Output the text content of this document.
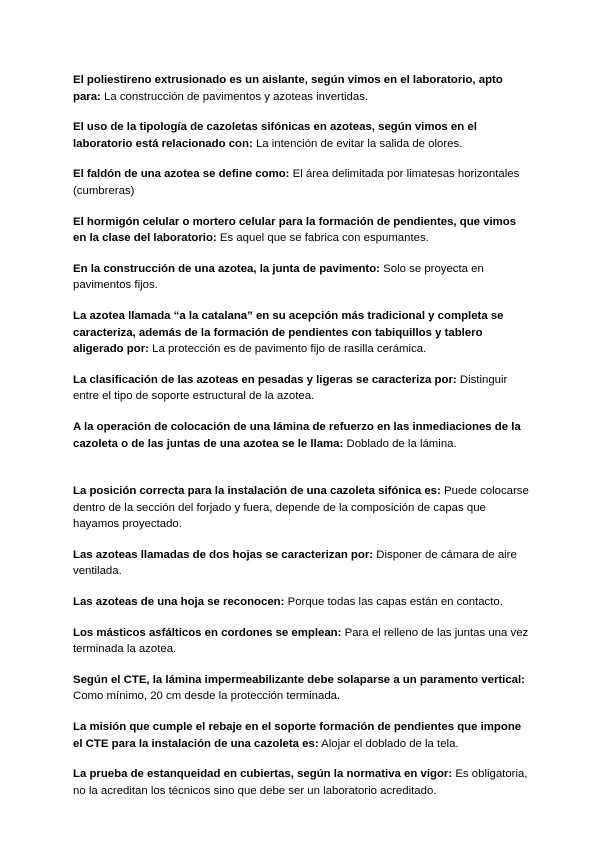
El poliestireno extrusionado es un aislante, según vimos en el laboratorio, apto para: La construcción de pavimentos y azoteas invertidas.

El uso de la tipología de cazoletas sifónicas en azoteas, según vimos en el laboratorio está relacionado con: La intención de evitar la salida de olores.

El faldón de una azotea se define como: El área delimitada por limatesas horizontales (cumbreras)

El hormigón celular o mortero celular para la formación de pendientes, que vimos en la clase del laboratorio: Es aquel que se fabrica con espumantes.

En la construcción de una azotea, la junta de pavimento: Solo se proyecta en pavimentos fijos.

La azotea llamada “a la catalana” en su acepción más tradicional y completa se caracteriza, además de la formación de pendientes con tabiquillos y tablero aligerado por: La protección es de pavimento fijo de rasilla cerámica.

La clasificación de las azoteas en pesadas y ligeras se caracteriza por: Distinguir entre el tipo de soporte estructural de la azotea.

A la operación de colocación de una lámina de refuerzo en las inmediaciones de la cazoleta o de las juntas de una azotea se le llama: Doblado de la lámina.

La posición correcta para la instalación de una cazoleta sifónica es: Puede colocarse dentro de la sección del forjado y fuera, depende de la composición de capas que hayamos proyectado.

Las azoteas llamadas de dos hojas se caracterizan por: Disponer de cámara de aire ventilada.

Las azoteas de una hoja se reconocen: Porque todas las capas están en contacto.

Los másticos asfálticos en cordones se emplean: Para el relleno de las juntas una vez terminada la azotea.

Según el CTE, la lámina impermeabilizante debe solaparse a un paramento vertical: Como mínimo, 20 cm desde la protección terminada.

La misión que cumple el rebaje en el soporte formación de pendientes que impone el CTE para la instalación de una cazoleta es: Alojar el doblado de la tela.

La prueba de estanqueidad en cubiertas, según la normativa en vigor: Es obligatoria, no la acreditan los técnicos sino que debe ser un laboratorio acreditado.
